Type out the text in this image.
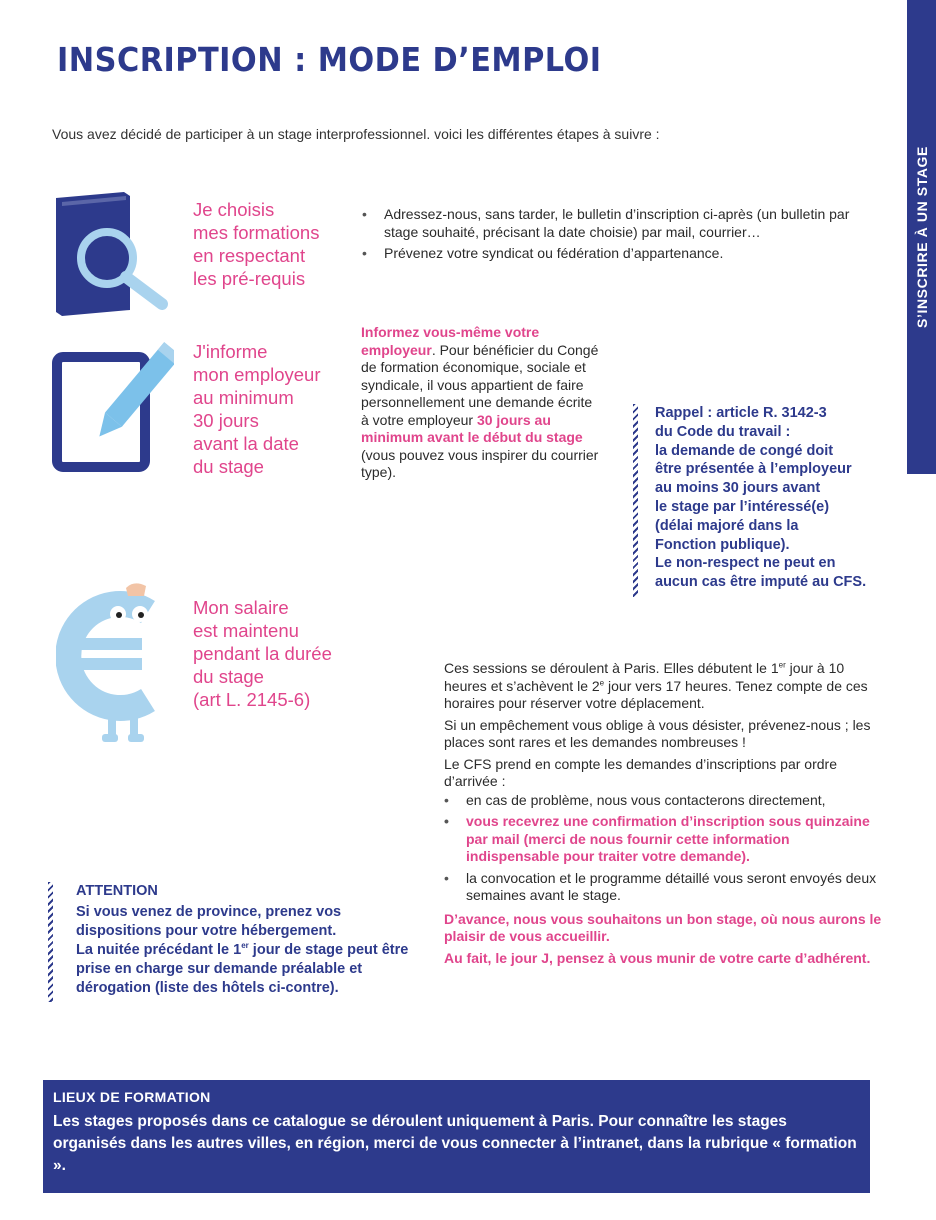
INSCRIPTION : MODE D’EMPLOI
Vous avez décidé de participer à un stage interprofessionnel. voici les différentes étapes à suivre :
S’INSCRIRE À UN STAGE
Je choisis
mes formations
en respectant
les pré-requis
• Adressez-nous, sans tarder, le bulletin d’inscription ci-après (un bulletin par stage souhaité, précisant la date choisie) par mail, courrier…
• Prévenez votre syndicat ou fédération d’appartenance.
J'informe
mon employeur
au minimum
30 jours
avant la date
du stage

Informez vous-même votre employeur. Pour bénéficier du Congé de formation économique, sociale et syndicale, il vous appartient de faire personnellement une demande écrite à votre employeur 30 jours au minimum avant le début du stage (vous pouvez vous inspirer du courrier type).

Rappel : article R. 3142-3
du Code du travail :
la demande de congé doit
être présentée à l’employeur
au moins 30 jours avant
le stage par l’intéressé(e)
(délai majoré dans la
Fonction publique).
Le non-respect ne peut en
aucun cas être imputé au CFS.
Mon salaire
est maintenu
pendant la durée
du stage
(art L. 2145-6)

Ces sessions se déroulent à Paris. Elles débutent le 1er jour à 10 heures et s’achèvent le 2e jour vers 17 heures. Tenez compte de ces horaires pour réserver votre déplacement.

Si un empêchement vous oblige à vous désister, prévenez-nous ; les places sont rares et les demandes nombreuses !

Le CFS prend en compte les demandes d’inscriptions par ordre d’arrivée :

• en cas de problème, nous vous contacterons directement,
• vous recevrez une confirmation d’inscription sous quinzaine par mail (merci de nous fournir cette information indispensable pour traiter votre demande).
• la convocation et le programme détaillé vous seront envoyés deux semaines avant le stage.

D’avance, nous vous souhaitons un bon stage, où nous aurons le plaisir de vous accueillir.

Au fait, le jour J, pensez à vous munir de votre carte d’adhérent.

ATTENTION

Si vous venez de province, prenez vos dispositions pour votre hébergement.

La nuitée précédant le 1er jour de stage peut être prise en charge sur demande préalable et dérogation (liste des hôtels ci-contre).

LIEUX DE FORMATION
Les stages proposés dans ce catalogue se déroulent uniquement à Paris. Pour connaître les stages organisés dans les autres villes, en région, merci de vous connecter à l’intranet, dans la rubrique « formation ».
